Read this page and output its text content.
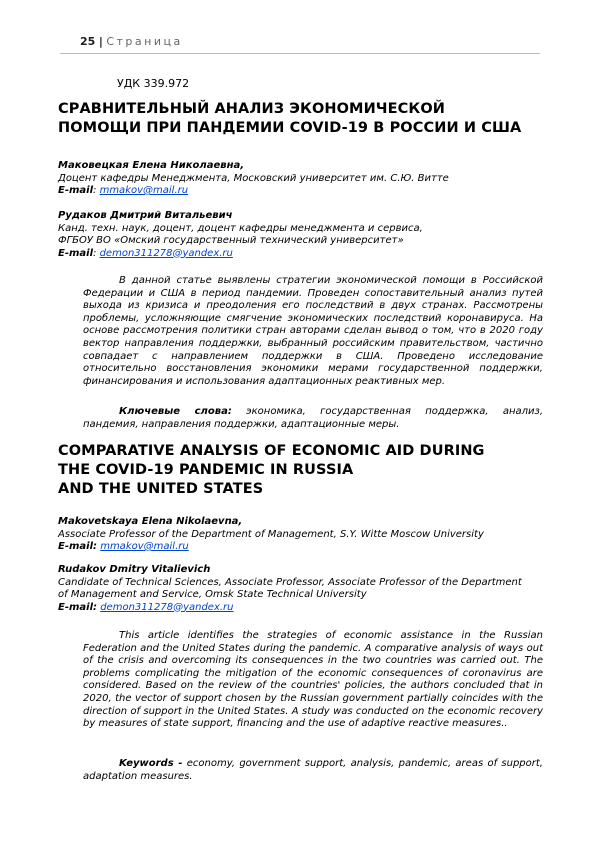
25 | Страница
УДК 339.972
СРАВНИТЕЛЬНЫЙ АНАЛИЗ ЭКОНОМИЧЕСКОЙ
ПОМОЩИ ПРИ ПАНДЕМИИ COVID-19 В РОССИИ И США
Маковецкая Елена Николаевна,
Доцент кафедры Менеджмента, Московский университет им. С.Ю. Витте
E-mail: mmakov@mail.ru
Рудаков Дмитрий Витальевич
Канд. техн. наук, доцент, доцент кафедры менеджмента и сервиса,
ФГБОУ ВО «Омский государственный технический университет»
E-mail: demon311278@yandex.ru
В данной статье выявлены стратегии экономической помощи в Российской Федерации и США в период пандемии. Проведен сопоставительный анализ путей выхода из кризиса и преодоления его последствий в двух странах. Рассмотрены проблемы, усложняющие смягчение экономических последствий коронавируса. На основе рассмотрения политики стран авторами сделан вывод о том, что в 2020 году вектор направления поддержки, выбранный российским правительством, частично совпадает с направлением поддержки в США. Проведено исследование относительно восстановления экономики мерами государственной поддержки, финансирования и использования адаптационных реактивных мер.
Ключевые слова: экономика, государственная поддержка, анализ, пандемия, направления поддержки, адаптационные меры.
COMPARATIVE ANALYSIS OF ECONOMIC AID DURING
THE COVID-19 PANDEMIC IN RUSSIA
AND THE UNITED STATES
Makovetskaya Elena Nikolaevna,
Associate Professor of the Department of Management, S.Y. Witte Moscow University
E-mail: mmakov@mail.ru
Rudakov Dmitry Vitalievich
Candidate of Technical Sciences, Associate Professor, Associate Professor of the Department
of Management and Service, Omsk State Technical University
E-mail: demon311278@yandex.ru
This article identifies the strategies of economic assistance in the Russian Federation and the United States during the pandemic. A comparative analysis of ways out of the crisis and overcoming its consequences in the two countries was carried out. The problems complicating the mitigation of the economic consequences of coronavirus are considered. Based on the review of the countries' policies, the authors concluded that in 2020, the vector of support chosen by the Russian government partially coincides with the direction of support in the United States. A study was conducted on the economic recovery by measures of state support, financing and the use of adaptive reactive measures..
Keywords - economy, government support, analysis, pandemic, areas of support, adaptation measures.
